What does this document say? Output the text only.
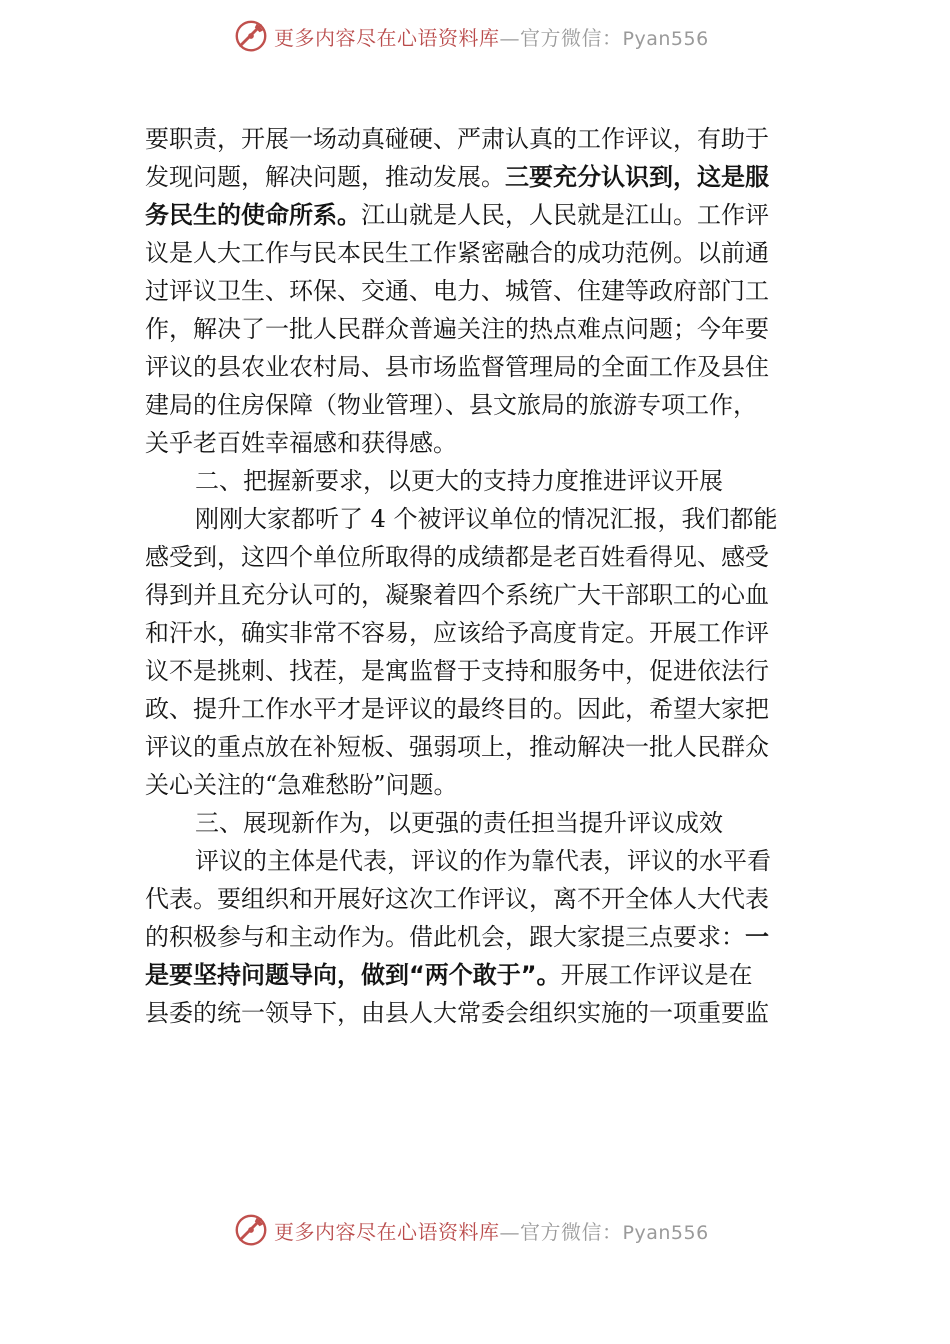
更多内容尽在心语资料库—官方微信：Pyan556

要职责，开展一场动真碰硬、严肃认真的工作评议，有助于

发现问题，解决问题，推动发展。三要充分认识到，这是服

务民生的使命所系。江山就是人民，人民就是江山。工作评

议是人大工作与民本民生工作紧密融合的成功范例。以前通

过评议卫生、环保、交通、电力、城管、住建等政府部门工

作，解决了一批人民群众普遍关注的热点难点问题；今年要

评议的县农业农村局、县市场监督管理局的全面工作及县住

建局的住房保障（物业管理）、县文旅局的旅游专项工作，

关乎老百姓幸福感和获得感。

二、把握新要求，以更大的支持力度推进评议开展

刚刚大家都听了 4 个被评议单位的情况汇报，我们都能

感受到，这四个单位所取得的成绩都是老百姓看得见、感受

得到并且充分认可的，凝聚着四个系统广大干部职工的心血

和汗水，确实非常不容易，应该给予高度肯定。开展工作评

议不是挑刺、找茬，是寓监督于支持和服务中，促进依法行

政、提升工作水平才是评议的最终目的。因此，希望大家把

评议的重点放在补短板、强弱项上，推动解决一批人民群众

关心关注的“急难愁盼”问题。

三、展现新作为，以更强的责任担当提升评议成效

评议的主体是代表，评议的作为靠代表，评议的水平看

代表。要组织和开展好这次工作评议，离不开全体人大代表

的积极参与和主动作为。借此机会，跟大家提三点要求：一

是要坚持问题导向，做到“两个敢于”。开展工作评议是在

县委的统一领导下，由县人大常委会组织实施的一项重要监

更多内容尽在心语资料库—官方微信：Pyan556
